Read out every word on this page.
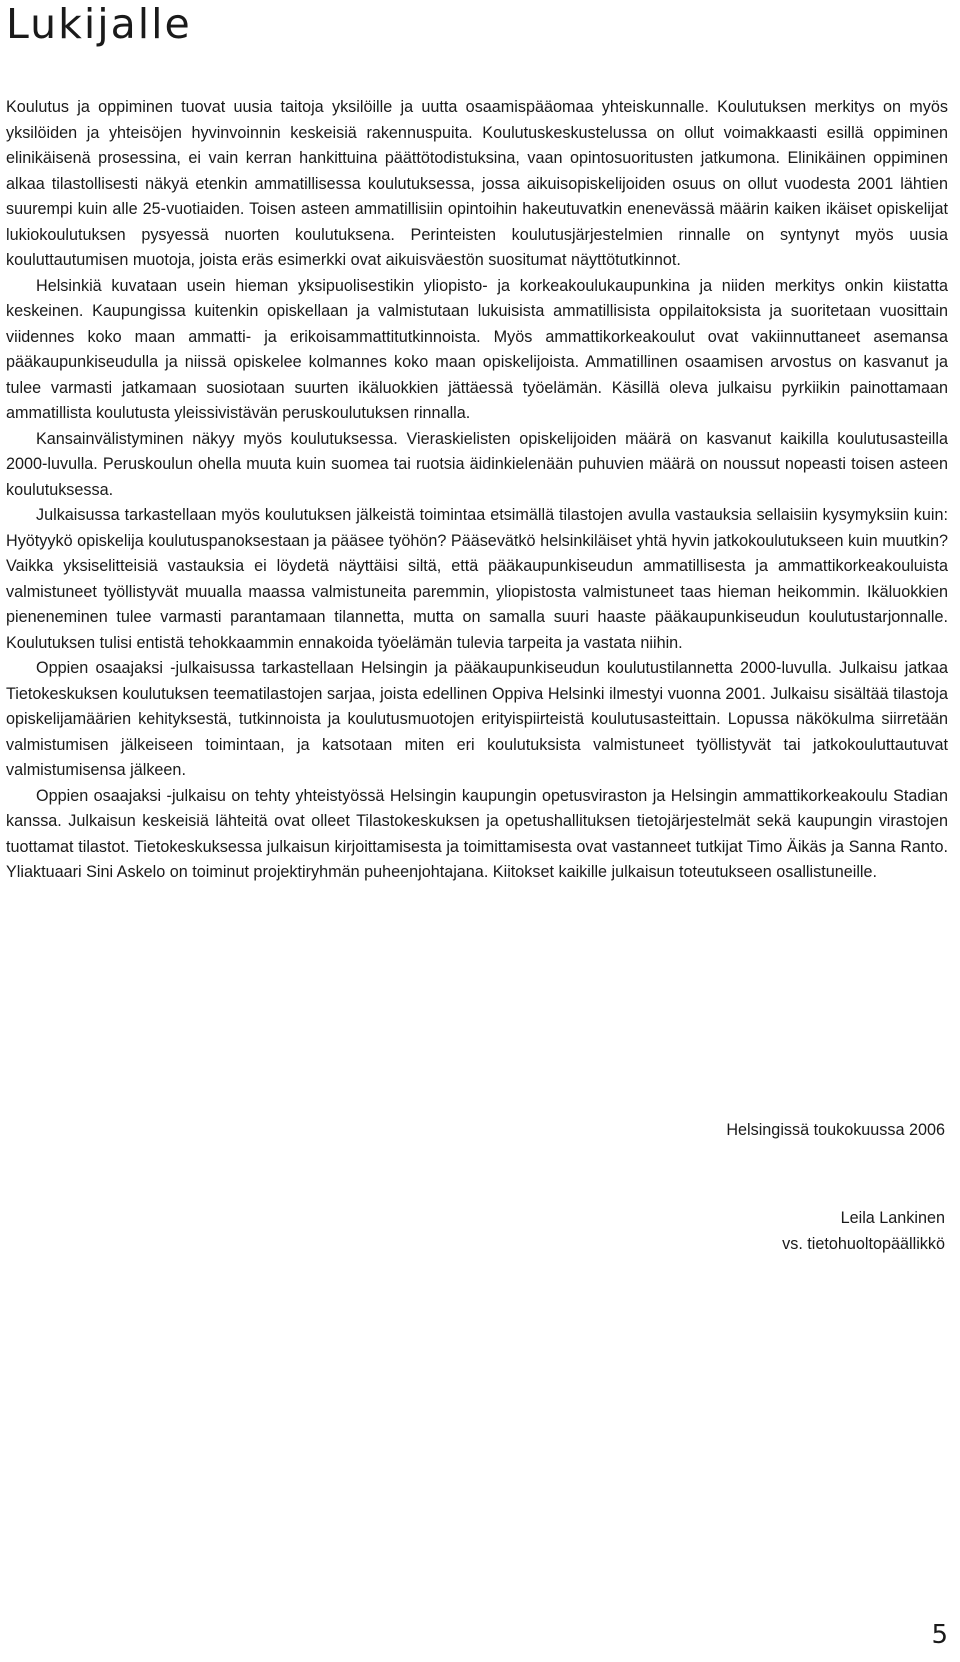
Lukijalle

Koulutus ja oppiminen tuovat uusia taitoja yksilöille ja uutta osaamispääomaa yhteiskunnalle. Koulutuksen merkitys on myös yksilöiden ja yhteisöjen hyvinvoinnin keskeisiä rakennuspuita. Koulutuskeskustelussa on ollut voimakkaasti esillä oppiminen elinikäisenä prosessina, ei vain kerran hankittuina päättötodistuksina, vaan opintosuoritusten jatkumona. Elinikäinen oppiminen alkaa tilastollisesti näkyä etenkin ammatillisessa koulutuksessa, jossa aikuisopiskelijoiden osuus on ollut vuodesta 2001 lähtien suurempi kuin alle 25-vuotiaiden. Toisen asteen ammatillisiin opintoihin hakeutuvatkin enenevässä määrin kaiken ikäiset opiskelijat lukiokoulutuksen pysyessä nuorten koulutuksena. Perinteisten koulutusjärjestelmien rinnalle on syntynyt myös uusia kouluttautumisen muotoja, joista eräs esimerkki ovat aikuisväestön suositumat näyttötutkinnot.

Helsinkiä kuvataan usein hieman yksipuolisestikin yliopisto- ja korkeakoulukaupunkina ja niiden merkitys onkin kiistatta keskeinen. Kaupungissa kuitenkin opiskellaan ja valmistutaan lukuisista ammatillisista oppilaitoksista ja suoritetaan vuosittain viidennes koko maan ammatti- ja erikoisammattitutkinnoista. Myös ammattikorkeakoulut ovat vakiinnuttaneet asemansa pääkaupunkiseudulla ja niissä opiskelee kolmannes koko maan opiskelijoista. Ammatillinen osaamisen arvostus on kasvanut ja tulee varmasti jatkamaan suosiotaan suurten ikäluokkien jättäessä työelämän. Käsillä oleva julkaisu pyrkiikin painottamaan ammatillista koulutusta yleissivistävän peruskoulutuksen rinnalla.

Kansainvälistyminen näkyy myös koulutuksessa. Vieraskielisten opiskelijoiden määrä on kasvanut kaikilla koulutusasteilla 2000-luvulla. Peruskoulun ohella muuta kuin suomea tai ruotsia äidinkielenään puhuvien määrä on noussut nopeasti toisen asteen koulutuksessa.

Julkaisussa tarkastellaan myös koulutuksen jälkeistä toimintaa etsimällä tilastojen avulla vastauksia sellaisiin kysymyksiin kuin: Hyötyykö opiskelija koulutuspanoksestaan ja pääsee työhön? Pääsevätkö helsinkiläiset yhtä hyvin jatkokoulutukseen kuin muutkin? Vaikka yksiselitteisiä vastauksia ei löydetä näyttäisi siltä, että pääkaupunkiseudun ammatillisesta ja ammattikorkeakouluista valmistuneet työllistyvät muualla maassa valmistuneita paremmin, yliopistosta valmistuneet taas hieman heikommin. Ikäluokkien pieneneminen tulee varmasti parantamaan tilannetta, mutta on samalla suuri haaste pääkaupunkiseudun koulutustarjonnalle. Koulutuksen tulisi entistä tehokkaammin ennakoida työelämän tulevia tarpeita ja vastata niihin.

Oppien osaajaksi -julkaisussa tarkastellaan Helsingin ja pääkaupunkiseudun koulutustilannetta 2000-luvulla. Julkaisu jatkaa Tietokeskuksen koulutuksen teematilastojen sarjaa, joista edellinen Oppiva Helsinki ilmestyi vuonna 2001. Julkaisu sisältää tilastoja opiskelijamäärien kehityksestä, tutkinnoista ja koulutusmuotojen erityispiirteistä koulutusasteittain. Lopussa näkökulma siirretään valmistumisen jälkeiseen toimintaan, ja katsotaan miten eri koulutuksista valmistuneet työllistyvät tai jatkokouluttautuvat valmistumisensa jälkeen.

Oppien osaajaksi -julkaisu on tehty yhteistyössä Helsingin kaupungin opetusviraston ja Helsingin ammattikorkeakoulu Stadian kanssa. Julkaisun keskeisiä lähteitä ovat olleet Tilastokeskuksen ja opetushallituksen tietojärjestelmät sekä kaupungin virastojen tuottamat tilastot. Tietokeskuksessa julkaisun kirjoittamisesta ja toimittamisesta ovat vastanneet tutkijat Timo Äikäs ja Sanna Ranto. Yliaktuaari Sini Askelo on toiminut projektiryhmän puheenjohtajana. Kiitokset kaikille julkaisun toteutukseen osallistuneille.

Helsingissä toukokuussa 2006
Leila Lankinen
vs. tietohuoltopäällikkö
5
